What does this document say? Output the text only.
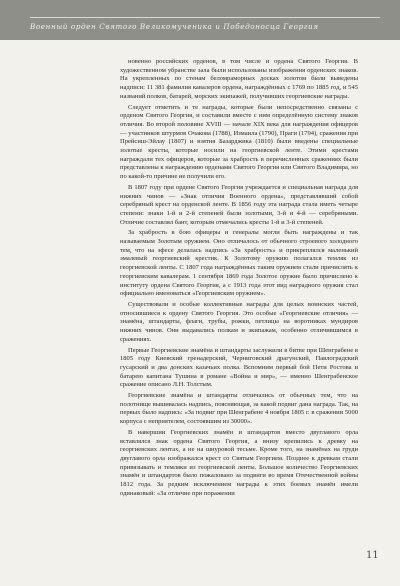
Военный орден Святого Великомученика и Победоносца Георгия

новенно российских орденов, в том числе и ордена Святого Георгия. В художественном убранстве зала были использованы изображения орденских знаков. На укрепленных по стенам беломраморных досках золотом были выведены надписи: 11 381 фамилия кавалеров ордена, награждённых с 1769 по 1885 год, и 545 названий полков, батарей, морских экипажей, получивших георгиевские награды.

Следует отметить и те награды, которые были непосредственно связаны с орденом Святого Георгия, и составили вместе с ним определённую систему знаков отличия. Во второй половине XVIII — начале XIX века для награждения офицеров — участников штурмов Очакова (1788), Измаила (1790), Праги (1794), сражения при Прейсиш-Эйлау (1807) и взятия Базарджика (1810) были введены специальные золотые кресты, которые носили на георгиевской ленте. Этими крестами награждали тех офицеров, которые за храбрость в перечисленных сражениях были представлены к награждению орденами Святого Георгия или Святого Владимира, но по какой-то причине не получили его.

В 1807 году при ордене Святого Георгия учреждается и специальная награда для нижних чинов — «Знак отличия Военного ордена», представлявший собой серебряный крест на орденской ленте. В 1856 году эта награда стала иметь четыре степени: знаки 1-й и 2-й степеней были золотыми, 3-й и 4-й — серебряными. Отличие составлял бант, которым отмечались кресты 1-й и 3-й степеней.

За храбрость в бою офицеры и генералы могли быть награждены и так называемым Золотым оружием. Оно отличалось от обычного строевого холодного тем, что на эфесе делалась надпись «За храбрость» и прикреплялся маленький эмалевый георгиевский крестик. К Золотому оружию полагался темляк из георгиевской ленты. С 1807 года награждённых таким оружием стали причислять к георгиевским кавалерам. 1 сентября 1869 года Золотое оружие было причислено к институту ордена Святого Георгия, а с 1913 года этот вид наградного оружия стал официально именоваться «Георгиевским оружием».

Существовали и особые коллективные награды для целых воинских частей, относившиеся к ордену Святого Георгия. Это особые «Георгиевские отличия» — знамёна, штандарты, флаги, трубы, рожки, петлицы на воротниках мундиров нижних чинов. Они выдавались полкам и экипажам, особенно отличившимся в сражениях.

Первые Георгиевские знамёна и штандарты заслужили в битве при Шенграбене в 1805 году Киевский гренадерский, Черниговский драгунский, Павлоградский гусарский и два донских казачьих полка. Вспомним первый бой Пети Ростова и батарею капитана Тушина в романе «Война и мир», — именно Шенграбенское сражение описано Л.Н. Толстым.

Георгиевские знамёна и штандарты отличались от обычных тем, что на полотнище вышивалась надпись, поясняющая, за какой подвиг дана награда. Так, на первых было надпись: «За подвиг при Шенграбене 4 ноября 1805 г. в сражении 5000 корпуса с неприятелем, состоявшим из 30000».

В навершии Георгиевских знамён и штандартов вместо двуглавого орла вставлялся знак ордена Святого Георгия, а внизу крепились к древку на георгиевских лентах, а не на шнуровой тесьме. Кроме того, на знамёнах на груди двуглавого орла изображался крест со Святым Георгием. Позднее к древкам стали привязывать и темляки из георгиевской ленты. Большое количество Георгиевских знамён и штандартов было пожаловано за подвиги во время Отечественной войны 1812 года. За редким исключением награды к этих боевых знамён имели одинаковый: «За отличие при поражении

11
